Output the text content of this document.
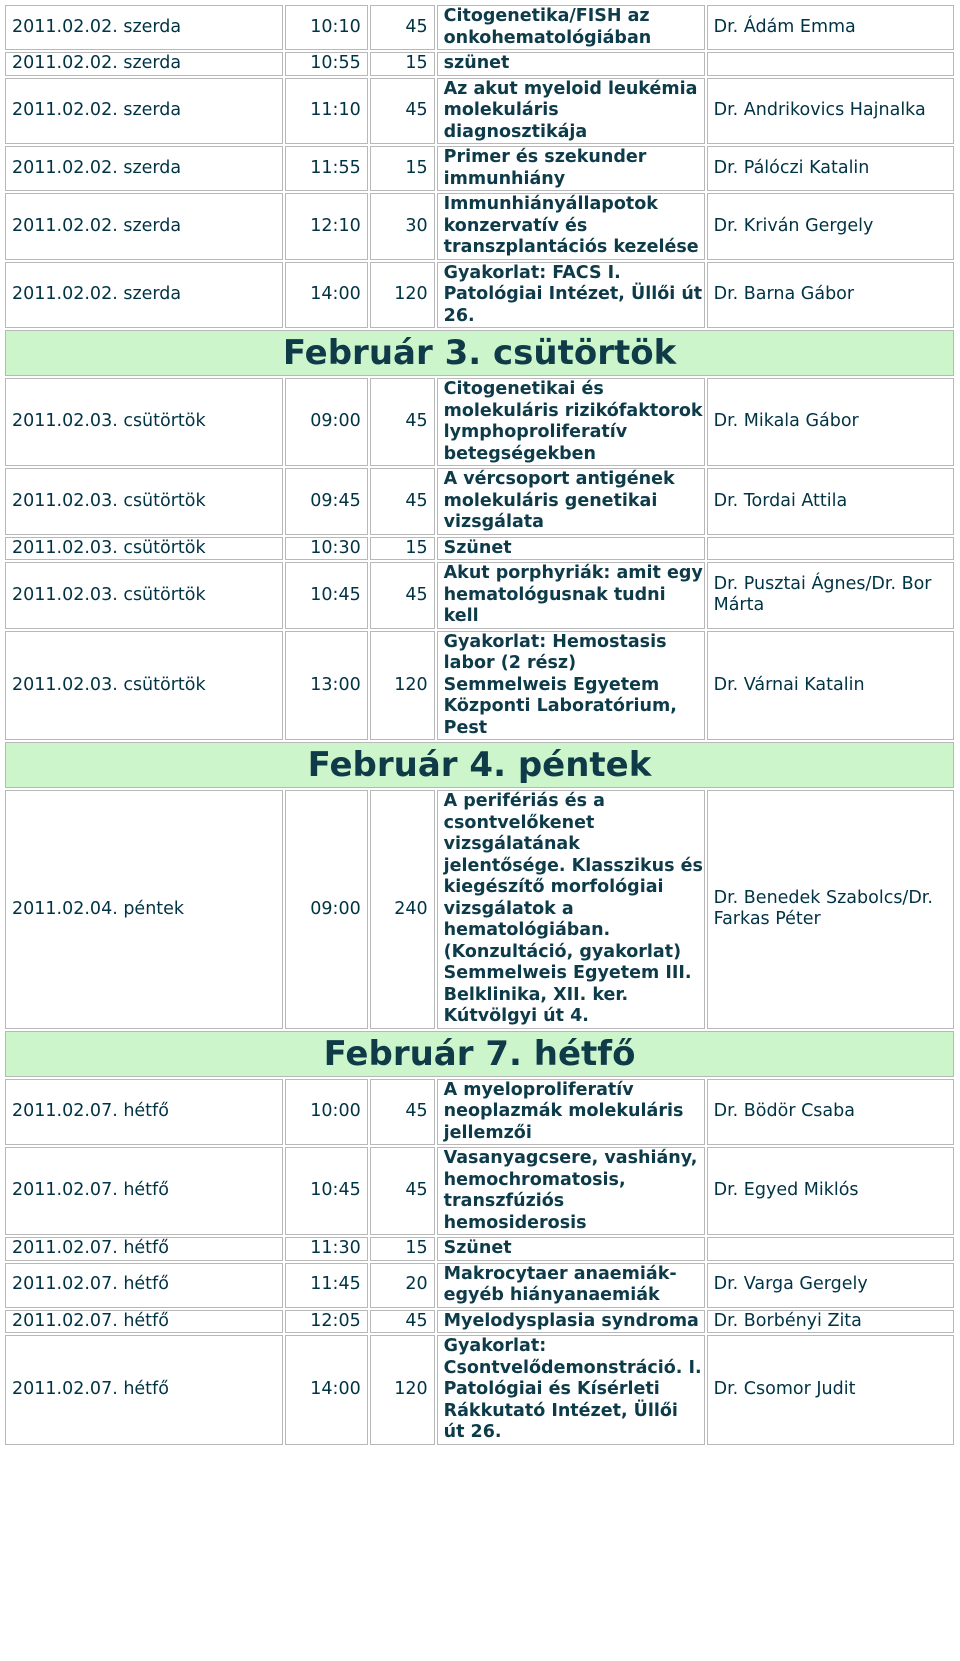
2011.02.02. szerda	10:10	45	Citogenetika/FISH az onkohematológiában	Dr. Ádám Emma
2011.02.02. szerda	10:55	15	szünet	
2011.02.02. szerda	11:10	45	Az akut myeloid leukémia molekuláris diagnosztikája	Dr. Andrikovics Hajnalka
2011.02.02. szerda	11:55	15	Primer és szekunder immunhiány	Dr. Pálóczi Katalin
2011.02.02. szerda	12:10	30	Immunhiányállapotok konzervatív és transzplantációs kezelése	Dr. Kriván Gergely
2011.02.02. szerda	14:00	120	Gyakorlat: FACS I. Patológiai Intézet, Üllői út 26.	Dr. Barna Gábor
Február 3. csütörtök				
2011.02.03. csütörtök	09:00	45	Citogenetikai és molekuláris rizikófaktorok lymphoproliferatív betegségekben	Dr. Mikala Gábor
2011.02.03. csütörtök	09:45	45	A vércsoport antigének molekuláris genetikai vizsgálata	Dr. Tordai Attila
2011.02.03. csütörtök	10:30	15	Szünet	
2011.02.03. csütörtök	10:45	45	Akut porphyriák: amit egy hematológusnak tudni kell	Dr. Pusztai Ágnes/Dr. Bor Márta
2011.02.03. csütörtök	13:00	120	Gyakorlat: Hemostasis labor (2 rész) Semmelweis Egyetem Központi Laboratórium, Pest	Dr. Várnai Katalin
Február 4. péntek				
2011.02.04. péntek	09:00	240	A perifériás és a csontvelőkenet vizsgálatának jelentősége. Klasszikus és kiegészítő morfológiai vizsgálatok a hematológiában. (Konzultáció, gyakorlat) Semmelweis Egyetem III. Belklinika, XII. ker. Kútvölgyi út 4.	Dr. Benedek Szabolcs/Dr. Farkas Péter
Február 7. hétfő				
2011.02.07. hétfő	10:00	45	A myeloproliferatív neoplazmák molekuláris jellemzői	Dr. Bödör Csaba
2011.02.07. hétfő	10:45	45	Vasanyagcsere, vashiány, hemochromatosis, transzfúziós hemosiderosis	Dr. Egyed Miklós
2011.02.07. hétfő	11:30	15	Szünet	
2011.02.07. hétfő	11:45	20	Makrocytaer anaemiák-egyéb hiányanaemiák	Dr. Varga Gergely
2011.02.07. hétfő	12:05	45	Myelodysplasia syndroma	Dr. Borbényi Zita
2011.02.07. hétfő	14:00	120	Gyakorlat: Csontvelődemonstráció. I. Patológiai és Kísérleti Rákkutató Intézet, Üllői út 26.	Dr. Csomor Judit
